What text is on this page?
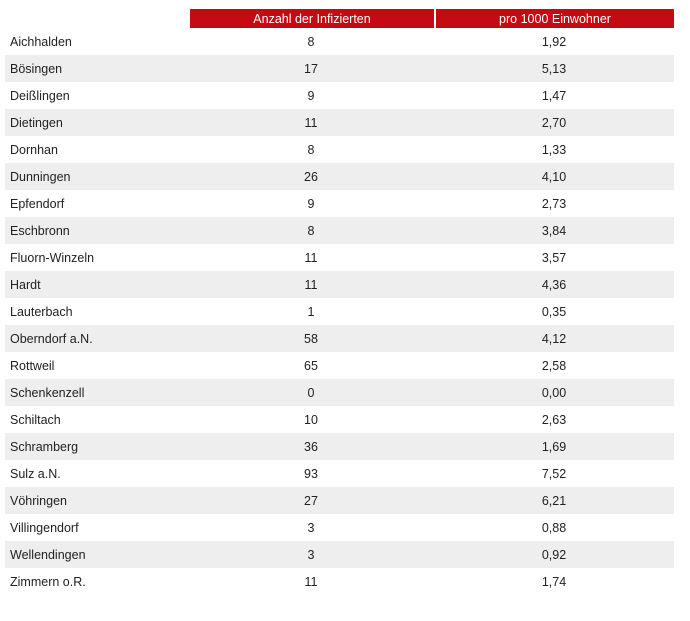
	Anzahl der Infizierten	pro 1000 Einwohner
Aichhalden	8	1,92
Bösingen	17	5,13
Deißlingen	9	1,47
Dietingen	11	2,70
Dornhan	8	1,33
Dunningen	26	4,10
Epfendorf	9	2,73
Eschbronn	8	3,84
Fluorn-Winzeln	11	3,57
Hardt	11	4,36
Lauterbach	1	0,35
Oberndorf a.N.	58	4,12
Rottweil	65	2,58
Schenkenzell	0	0,00
Schiltach	10	2,63
Schramberg	36	1,69
Sulz a.N.	93	7,52
Vöhringen	27	6,21
Villingendorf	3	0,88
Wellendingen	3	0,92
Zimmern o.R.	11	1,74
